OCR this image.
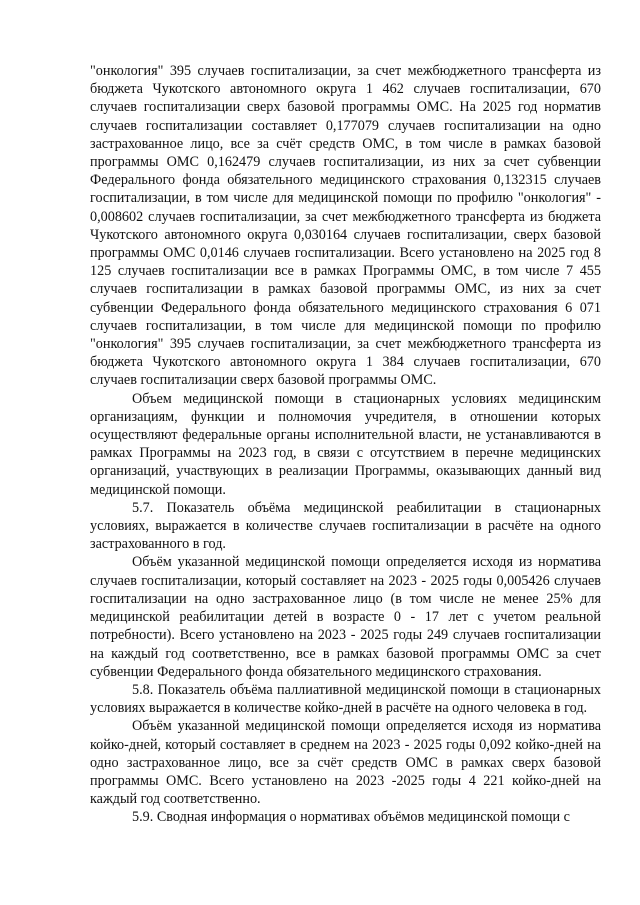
"онкология" 395 случаев госпитализации, за счет межбюджетного трансферта из бюджета Чукотского автономного округа 1 462 случаев госпитализации, 670 случаев госпитализации сверх базовой программы ОМС. На 2025 год норматив случаев госпитализации составляет 0,177079 случаев госпитализации на одно застрахованное лицо, все за счёт средств ОМС, в том числе в рамках базовой программы ОМС 0,162479 случаев госпитализации, из них за счет субвенции Федерального фонда обязательного медицинского страхования 0,132315 случаев госпитализации, в том числе для медицинской помощи по профилю "онкология" - 0,008602 случаев госпитализации, за счет межбюджетного трансферта из бюджета Чукотского автономного округа 0,030164 случаев госпитализации, сверх базовой программы ОМС 0,0146 случаев госпитализации. Всего установлено на 2025 год 8 125 случаев госпитализации все в рамках Программы ОМС, в том числе 7 455 случаев госпитализации в рамках базовой программы ОМС, из них за счет субвенции Федерального фонда обязательного медицинского страхования 6 071 случаев госпитализации, в том числе для медицинской помощи по профилю "онкология" 395 случаев госпитализации, за счет межбюджетного трансферта из бюджета Чукотского автономного округа 1 384 случаев госпитализации, 670 случаев госпитализации сверх базовой программы ОМС.

Объем медицинской помощи в стационарных условиях медицинским организациям, функции и полномочия учредителя, в отношении которых осуществляют федеральные органы исполнительной власти, не устанавливаются в рамках Программы на 2023 год, в связи с отсутствием в перечне медицинских организаций, участвующих в реализации Программы, оказывающих данный вид медицинской помощи.

5.7. Показатель объёма медицинской реабилитации в стационарных условиях, выражается в количестве случаев госпитализации в расчёте на одного застрахованного в год.

Объём указанной медицинской помощи определяется исходя из норматива случаев госпитализации, который составляет на 2023 - 2025 годы 0,005426 случаев госпитализации на одно застрахованное лицо (в том числе не менее 25% для медицинской реабилитации детей в возрасте 0 - 17 лет с учетом реальной потребности). Всего установлено на 2023 - 2025 годы 249 случаев госпитализации на каждый год соответственно, все в рамках базовой программы ОМС за счет субвенции Федерального фонда обязательного медицинского страхования.

5.8. Показатель объёма паллиативной медицинской помощи в стационарных условиях выражается в количестве койко-дней в расчёте на одного человека в год.

Объём указанной медицинской помощи определяется исходя из норматива койко-дней, который составляет в среднем на 2023 - 2025 годы 0,092 койко-дней на одно застрахованное лицо, все за счёт средств ОМС в рамках сверх базовой программы ОМС. Всего установлено на 2023 -2025 годы 4 221 койко-дней на каждый год соответственно.

5.9. Сводная информация о нормативах объёмов медицинской помощи с
